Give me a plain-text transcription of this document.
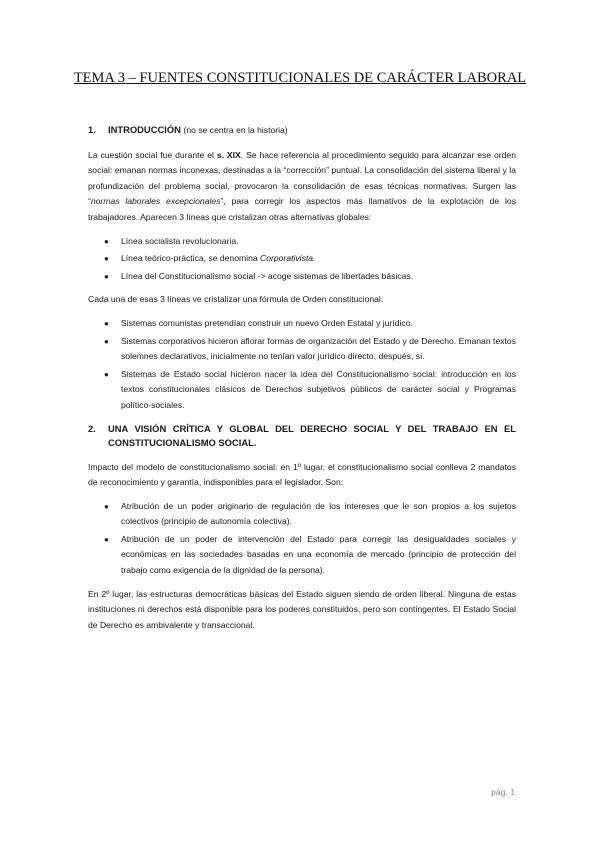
TEMA 3 – FUENTES CONSTITUCIONALES DE CARÁCTER LABORAL
1.	INTRODUCCIÓN (no se centra en la historia)

La cuestión social fue durante el s. XIX. Se hace referencia al procedimiento seguido para alcanzar ese orden social: emanan normas inconexas, destinadas a la “corrección” puntual. La consolidación del sistema liberal y la profundización del problema social, provocaron la consolidación de esas técnicas normativas. Surgen las “normas laborales excepcionales”, para corregir los aspectos más llamativos de la explotación de los trabajadores. Aparecen 3 líneas que cristalizan otras alternativas globales:

● Línea socialista revolucionaria.
● Línea teórico-práctica, se denomina Corporativista.
● Línea del Constitucionalismo social -> acoge sistemas de libertades básicas.

Cada una de esas 3 líneas ve cristalizar una fórmula de Orden constitucional.

● Sistemas comunistas pretendían construir un nuevo Orden Estatal y jurídico.
● Sistemas corporativos hicieron aflorar formas de organización del Estado y de Derecho. Emanan textos solemnes declarativos, inicialmente no tenían valor jurídico directo, después, sí.
● Sistemas de Estado social hicieron nacer la idea del Constitucionalismo social: introducción en los textos constitucionales clásicos de Derechos subjetivos públicos de carácter social y Programas político-sociales.
2.	UNA VISIÓN CRÍTICA Y GLOBAL DEL DERECHO SOCIAL Y DEL TRABAJO EN EL CONSTITUCIONALISMO SOCIAL.

Impacto del modelo de constitucionalismo social: en 1º lugar, el constitucionalismo social conlleva 2 mandatos de reconocimiento y garantía, indisponibles para el legislador. Son:

● Atribución de un poder originario de regulación de los intereses que le son propios a los sujetos colectivos (principio de autonomía colectiva).
● Atribución de un poder de intervención del Estado para corregir las desigualdades sociales y económicas en las sociedades basadas en una economía de mercado (principio de protección del trabajo como exigencia de la dignidad de la persona).

En 2º lugar, las estructuras democráticas básicas del Estado siguen siendo de orden liberal. Ninguna de estas instituciones ni derechos está disponible para los poderes constituidos, pero son contingentes. El Estado Social de Derecho es ambivalente y transaccional.

pág. 1
